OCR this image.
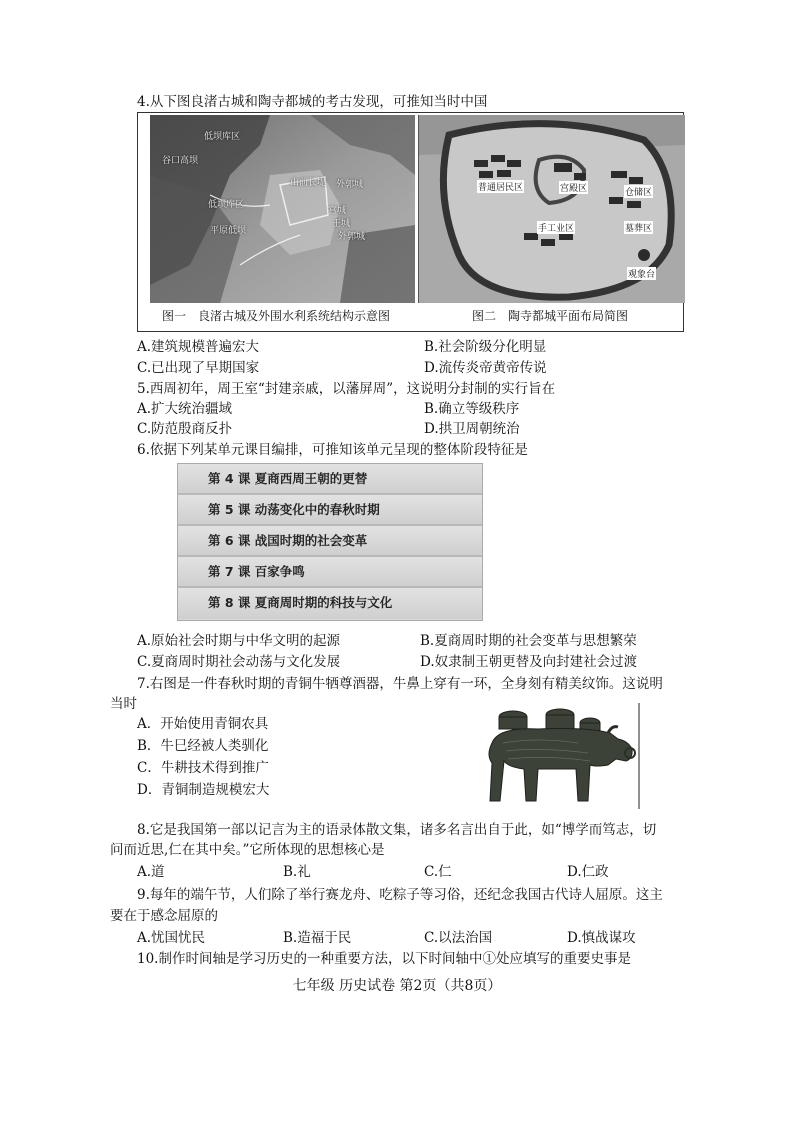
4.从下图良渚古城和陶寺都城的考古发现，可推知当时中国
低坝库区
谷口高坝
山前长堤 外郭城
低坝库区
宫城
王城
平原低坝
外郭城
图一　良渚古城及外围水利系统结构示意图
普通居民区	宫殿区	仓储区
墓葬区
手工业区
观象台
图二　陶寺都城平面布局简图
A.建筑规模普遍宏大	B.社会阶级分化明显
C.已出现了早期国家	D.流传炎帝黄帝传说
5.西周初年，周王室“封建亲戚，以藩屏周”，这说明分封制的实行旨在
A.扩大统治疆域	B.确立等级秩序
C.防范殷商反扑	D.拱卫周朝统治
6.依据下列某单元课目编排，可推知该单元呈现的整体阶段特征是
第 4 课 夏商西周王朝的更替
第 5 课 动荡变化中的春秋时期
第 6 课 战国时期的社会变革
第 7 课 百家争鸣
第 8 课 夏商周时期的科技与文化
A.原始社会时期与中华文明的起源	B.夏商周时期的社会变革与思想繁荣
C.夏商周时期社会动荡与文化发展	D.奴隶制王朝更替及向封建社会过渡
7.右图是一件春秋时期的青铜牛牺尊酒器，牛鼻上穿有一环，全身刻有精美纹饰。这说明
当时
A．开始使用青铜农具
B．牛巳经被人类驯化
C．牛耕技术得到推广
D．青铜制造规模宏大
8.它是我国第一部以记言为主的语录体散文集，诸多名言出自于此，如“博学而笃志，切
问而近思,仁在其中矣。”它所体现的思想核心是
A.道	B.礼	C.仁	D.仁政
9.每年的端午节，人们除了举行赛龙舟、吃粽子等习俗，还纪念我国古代诗人屈原。这主
要在于感念屈原的
A.忧国忧民	B.造福于民	C.以法治国	D.慎战谋攻
10.制作时间轴是学习历史的一种重要方法，以下时间轴中①处应填写的重要史事是
七年级 历史试卷 第2页（共8页）
